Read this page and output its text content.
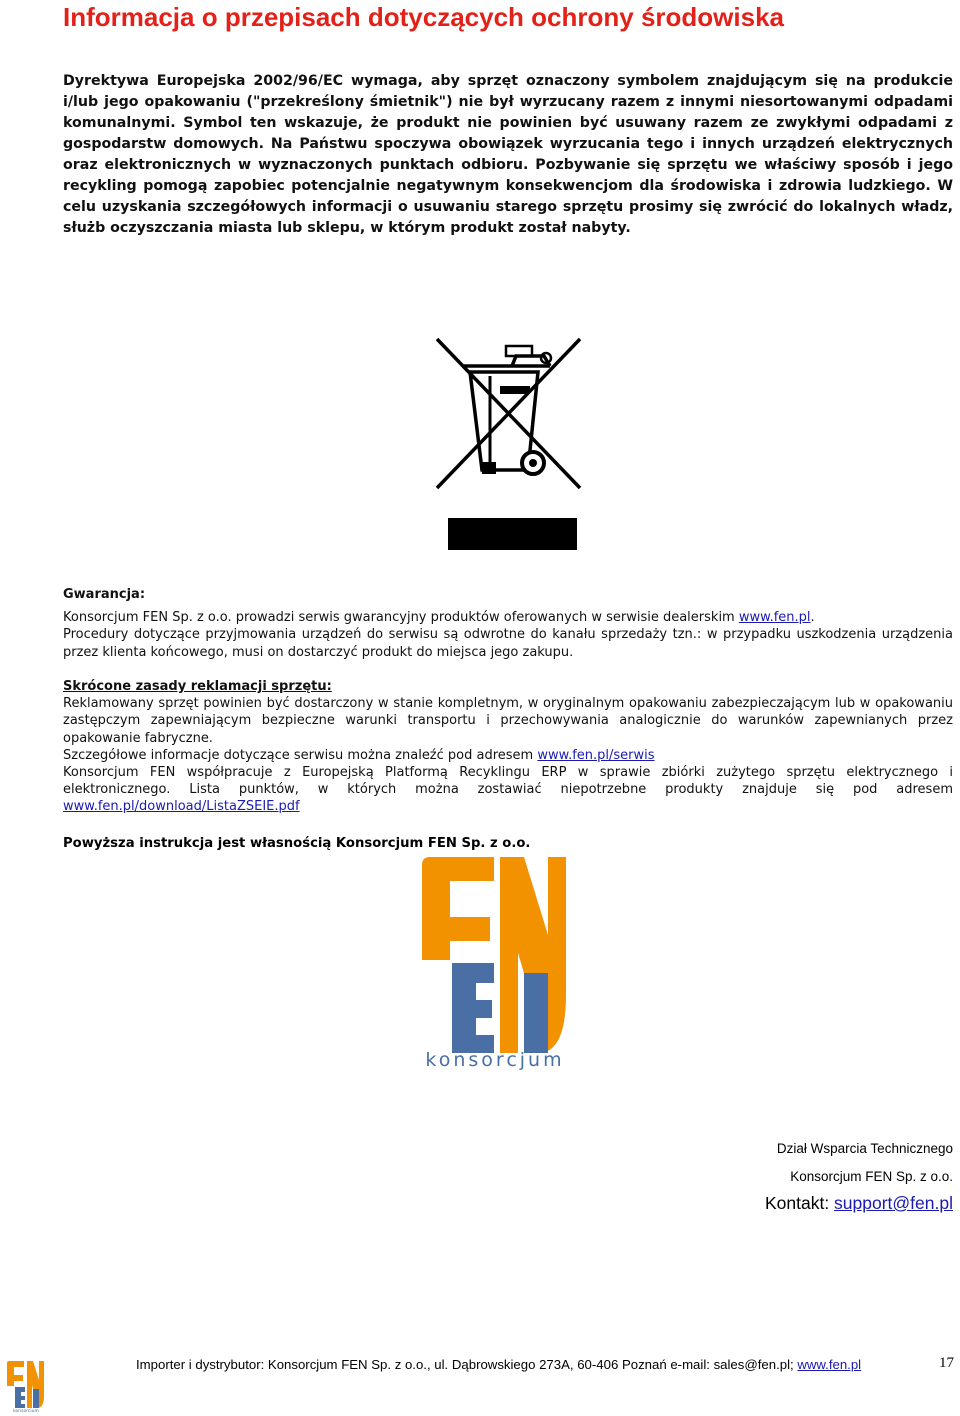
Informacja o przepisach dotyczących ochrony środowiska

Dyrektywa Europejska 2002/96/EC wymaga, aby sprzęt oznaczony symbolem znajdującym się na produkcie i/lub jego opakowaniu ("przekreślony śmietnik") nie był wyrzucany razem z innymi niesortowanymi odpadami komunalnymi. Symbol ten wskazuje, że produkt nie powinien być usuwany razem ze zwykłymi odpadami z gospodarstw domowych. Na Państwu spoczywa obowiązek wyrzucania tego i innych urządzeń elektrycznych oraz elektronicznych w wyznaczonych punktach odbioru. Pozbywanie się sprzętu we właściwy sposób i jego recykling pomogą zapobiec potencjalnie negatywnym konsekwencjom dla środowiska i zdrowia ludzkiego. W celu uzyskania szczegółowych informacji o usuwaniu starego sprzętu prosimy się zwrócić do lokalnych władz, służb oczyszczania miasta lub sklepu, w którym produkt został nabyty.

Gwarancja:

Konsorcjum FEN Sp. z o.o. prowadzi serwis gwarancyjny produktów oferowanych w serwisie dealerskim www.fen.pl.

Procedury dotyczące przyjmowania urządzeń do serwisu są odwrotne do kanału sprzedaży tzn.: w przypadku uszkodzenia urządzenia przez klienta końcowego, musi on dostarczyć produkt do miejsca jego zakupu.

Skrócone zasady reklamacji sprzętu:

Reklamowany sprzęt powinien być dostarczony w stanie kompletnym, w oryginalnym opakowaniu zabezpieczającym lub w opakowaniu zastępczym zapewniającym bezpieczne warunki transportu i przechowywania analogicznie do warunków zapewnianych przez opakowanie fabryczne.

Szczegółowe informacje dotyczące serwisu można znaleźć pod adresem www.fen.pl/serwis

Konsorcjum FEN współpracuje z Europejską Platformą Recyklingu ERP w sprawie zbiórki zużytego sprzętu elektrycznego i elektronicznego. Lista punktów, w których można zostawiać niepotrzebne produkty znajduje się pod adresem www.fen.pl/download/ListaZSEIE.pdf

Powyższa instrukcja jest własnością Konsorcjum FEN Sp. z o.o.

konsorcjum
Dział Wsparcia Technicznego
Konsorcjum FEN Sp. z o.o.
Kontakt: support@fen.pl
konsorcjum
Importer i dystrybutor: Konsorcjum FEN Sp. z o.o., ul. Dąbrowskiego 273A, 60-406 Poznań e-mail: sales@fen.pl; www.fen.pl	17
